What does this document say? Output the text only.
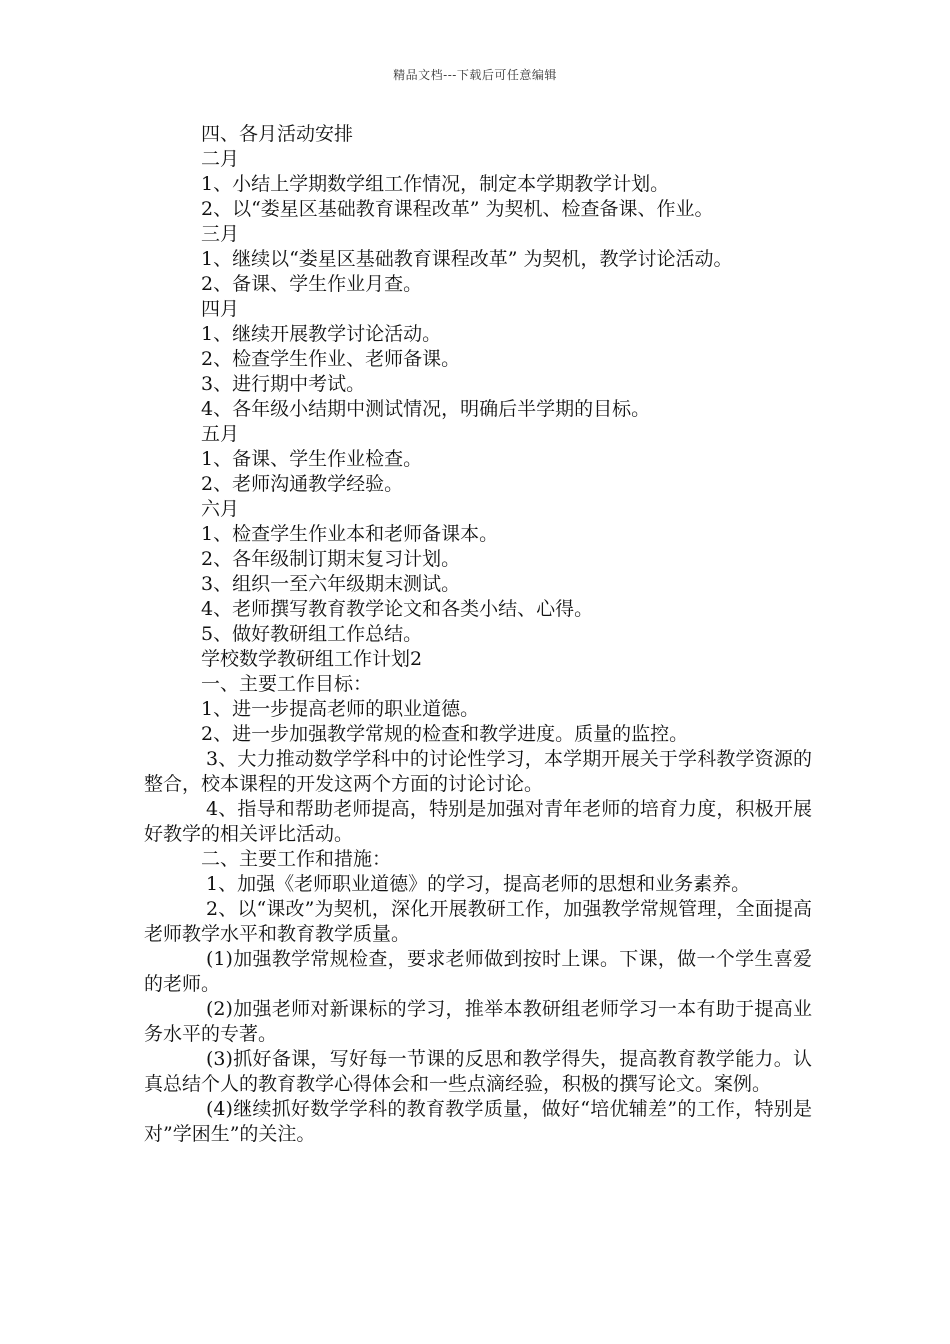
精品文档---下载后可任意编辑
四、各月活动安排
二月
1、小结上学期数学组工作情况，制定本学期教学计划。
2、以“娄星区基础教育课程改革” 为契机、检查备课、作业。
三月
1、继续以“娄星区基础教育课程改革” 为契机，教学讨论活动。
2、备课、学生作业月查。
四月
1、继续开展教学讨论活动。
2、检查学生作业、老师备课。
3、进行期中考试。
4、各年级小结期中测试情况，明确后半学期的目标。
五月
1、备课、学生作业检查。
2、老师沟通教学经验。
六月
1、检查学生作业本和老师备课本。
2、各年级制订期末复习计划。
3、组织一至六年级期末测试。
4、老师撰写教育教学论文和各类小结、心得。
5、做好教研组工作总结。
学校数学教研组工作计划2
一、主要工作目标：
1、进一步提高老师的职业道德。
2、进一步加强教学常规的检查和教学进度。质量的监控。
3、大力推动数学学科中的讨论性学习，本学期开展关于学科教学资源的整合，校本课程的开发这两个方面的讨论讨论。
4、指导和帮助老师提高，特别是加强对青年老师的培育力度，积极开展好教学的相关评比活动。
二、主要工作和措施：
1、加强《老师职业道德》的学习，提高老师的思想和业务素养。
2、以“课改”为契机，深化开展教研工作，加强教学常规管理，全面提高老师教学水平和教育教学质量。
(1)加强教学常规检查，要求老师做到按时上课。下课，做一个学生喜爱的老师。
(2)加强老师对新课标的学习，推举本教研组老师学习一本有助于提高业务水平的专著。
(3)抓好备课，写好每一节课的反思和教学得失，提高教育教学能力。认真总结个人的教育教学心得体会和一些点滴经验，积极的撰写论文。案例。
(4)继续抓好数学学科的教育教学质量，做好“培优辅差”的工作，特别是对”学困生”的关注。
